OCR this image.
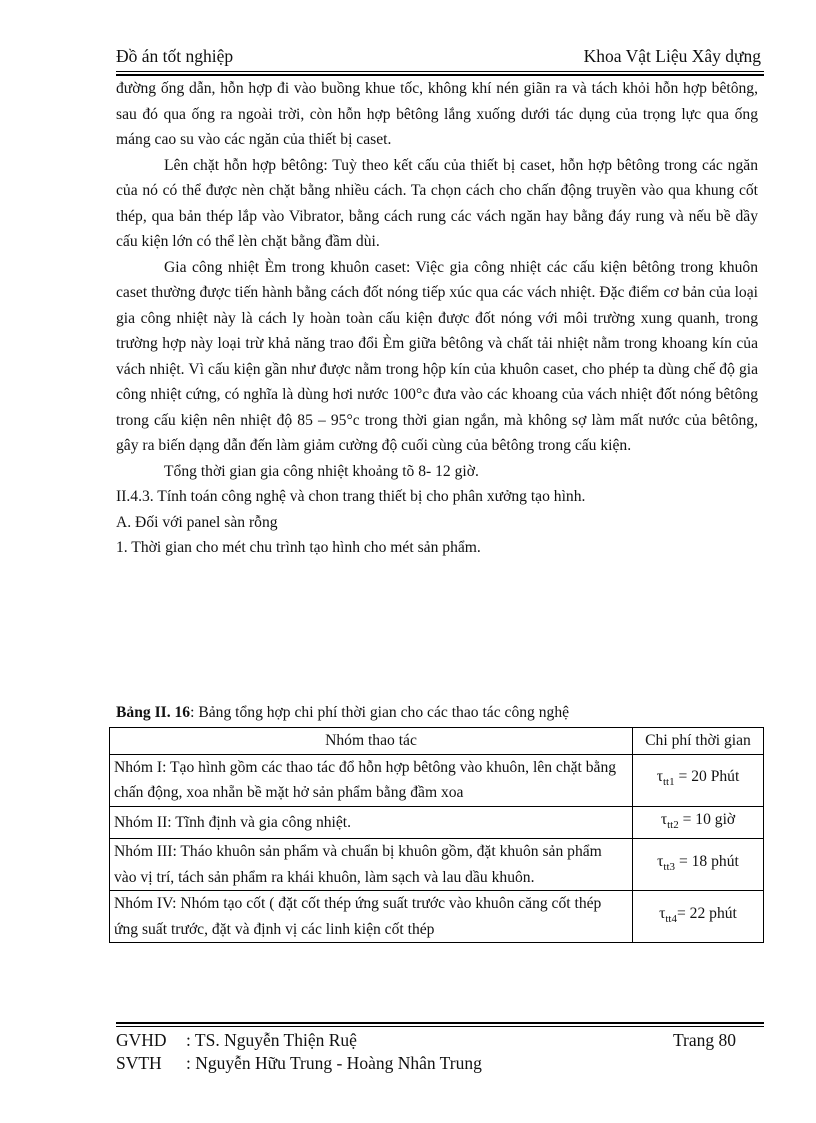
Đồ án tốt nghiệp	Khoa Vật Liệu Xây dựng

đường ống dẫn, hỗn hợp đi vào buồng khue tốc, không khí nén giãn ra và tách khỏi hỗn hợp bêtông, sau đó qua ống ra ngoài trời, còn hỗn hợp bêtông lắng xuống dưới tác dụng của trọng lực qua ống máng cao su vào các ngăn của thiết bị caset.

Lên chặt hỗn hợp bêtông: Tuỳ theo kết cấu của thiết bị caset, hỗn hợp bêtông trong các ngăn của nó có thể được nèn chặt bằng nhiều cách. Ta chọn cách cho chấn động truyền vào qua khung cốt thép, qua bản thép lắp vào Vibrator, bằng cách rung các vách ngăn hay bằng đáy rung và nếu bề dầy cấu kiện lớn có thể lèn chặt bằng đầm dùi.

Gia công nhiệt Èm trong khuôn caset: Việc gia công nhiệt các cấu kiện bêtông trong khuôn caset thường được tiến hành bằng cách đốt nóng tiếp xúc qua các vách nhiệt. Đặc điểm cơ bản của loại gia công nhiệt này là cách ly hoàn toàn cấu kiện được đốt nóng với môi trường xung quanh, trong trường hợp này loại trừ khả năng trao đổi Èm giữa bêtông và chất tải nhiệt nằm trong khoang kín của vách nhiệt. Vì cấu kiện gần như được nằm trong hộp kín của khuôn caset, cho phép ta dùng chế độ gia công nhiệt cứng, có nghĩa là dùng hơi nước 100°c đưa vào các khoang của vách nhiệt đốt nóng bêtông trong cấu kiện nên nhiệt độ 85 – 95°c trong thời gian ngắn, mà không sợ làm mất nước của bêtông, gây ra biến dạng dẫn đến làm giảm cường độ cuối cùng của bêtông trong cấu kiện.

Tổng thời gian gia công nhiệt khoảng tõ 8- 12 giờ.

II.4.3. Tính toán công nghệ và chon trang thiết bị cho phân xưởng tạo hình.

A. Đối với panel sàn rỗng

1. Thời gian cho mét chu trình tạo hình cho mét sản phẩm.

Bảng II. 16: Bảng tổng hợp chi phí thời gian cho các thao tác công nghệ
Nhóm thao tác	Chi phí thời gian
Nhóm I: Tạo hình gồm các thao tác đổ hỗn hợp bêtông vào khuôn, lên chặt bằng chấn động, xoa nhẵn bề mặt hở sản phẩm bằng đầm xoa	$\tau_{tt1} = 20$ Phút
Nhóm II: Tĩnh định và gia công nhiệt.	$\tau_{tt2} = 10$ giờ
Nhóm III: Tháo khuôn sản phẩm và chuẩn bị khuôn gồm, đặt khuôn sản phẩm vào vị trí, tách sản phẩm ra khái khuôn, làm sạch và lau dầu khuôn.	$\tau_{tt3} = 18$ phút
Nhóm IV: Nhóm tạo cốt ( đặt cốt thép ứng suất trước vào khuôn căng cốt thép ứng suất trước, đặt và định vị các linh kiện cốt thép	$\tau_{tt4}= 22$ phút
GVHD : TS. Nguyễn Thiện Ruệ	Trang 80
SVTH : Nguyễn Hữu Trung - Hoàng Nhân Trung
